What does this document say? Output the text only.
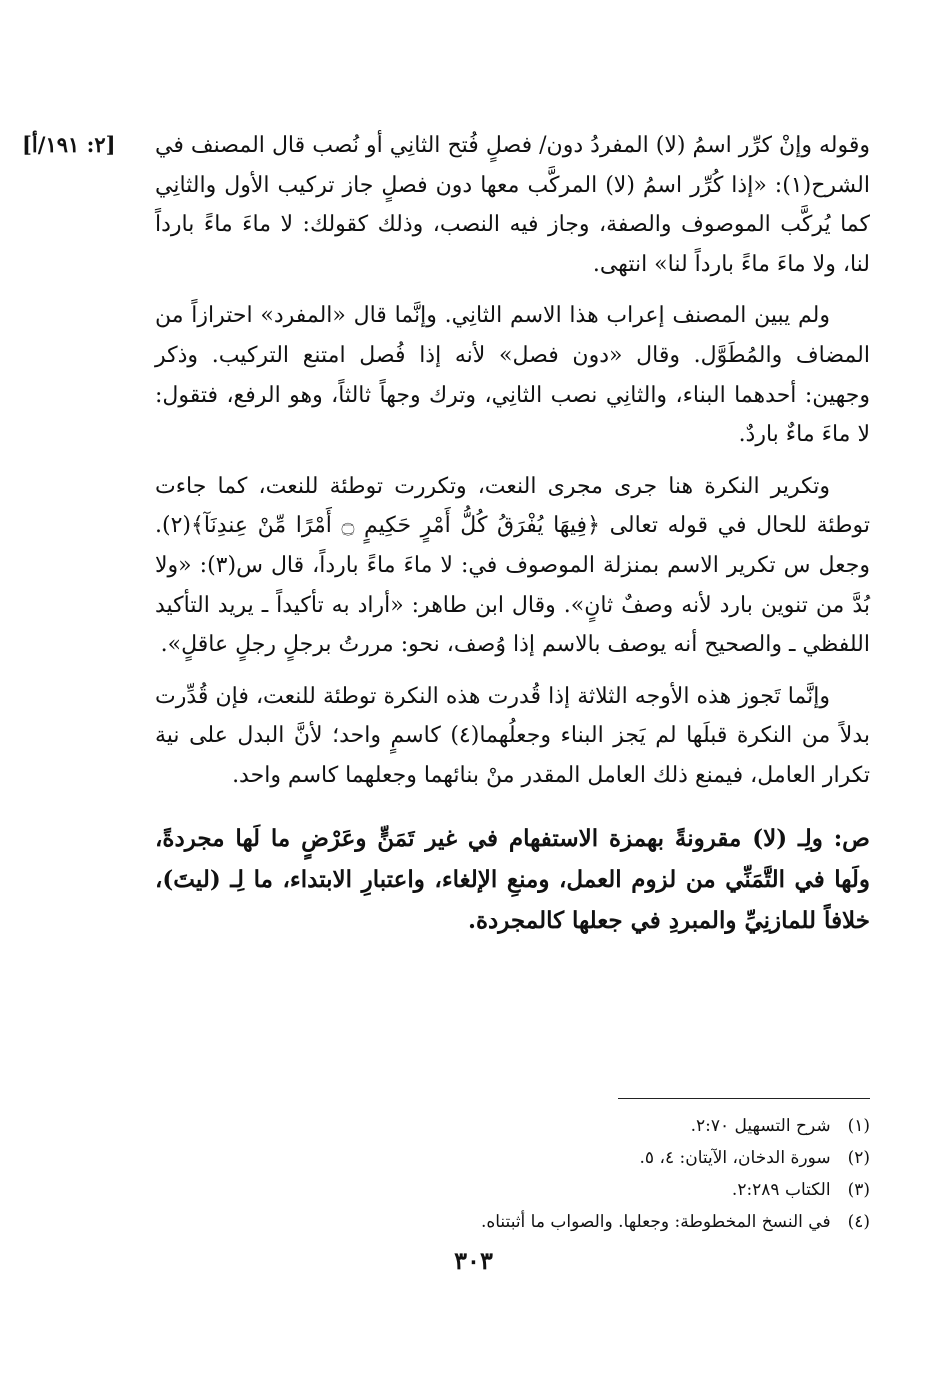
[٢: ١٩١/أ]	وقوله وإنْ كرِّر اسمُ (لا) المفردُ دون/ فصلٍ فُتح الثانِي أو نُصب قال المصنف في الشرح(١): «إذا كُرِّر اسمُ (لا) المركَّب معها دون فصلٍ جاز تركيب الأول والثانِي كما يُركَّب الموصوف والصفة، وجاز فيه النصب، وذلك كقولك: لا ماءَ ماءً بارداً لنا، ولا ماءَ ماءً بارداً لنا» انتهى.

ولم يبين المصنف إعراب هذا الاسم الثانِي. وإنَّما قال «المفرد» احترازاً من المضاف والمُطَوَّل. وقال «دون فصل» لأنه إذا فُصل امتنع التركيب. وذكر وجهين: أحدهما البناء، والثانِي نصب الثانِي، وترك وجهاً ثالثاً، وهو الرفع، فتقول: لا ماءَ ماءٌ باردٌ.

وتكرير النكرة هنا جرى مجرى النعت، وتكررت توطئة للنعت، كما جاءت توطئة للحال في قوله تعالى ﴿فِيهَا يُفْرَقُ كُلُّ أَمْرٍ حَكِيمٍ ۝ أَمْرًا مِّنْ عِندِنَآ﴾(٢). وجعل س تكرير الاسم بمنزلة الموصوف في: لا ماءَ ماءً بارداً، قال س(٣): «ولا بُدَّ من تنوين بارد لأنه وصفٌ ثانٍ». وقال ابن طاهر: «أراد به تأكيداً ـ يريد التأكيد اللفظي ـ والصحيح أنه يوصف بالاسم إذا وُصف، نحو: مررتُ برجلٍ رجلٍ عاقلٍ».

وإنَّما تَجوز هذه الأوجه الثلاثة إذا قُدرت هذه النكرة توطئة للنعت، فإن قُدِّرت بدلاً من النكرة قبلَها لم يَجز البناء وجعلُهما(٤) كاسمٍ واحد؛ لأنَّ البدل على نية تكرار العامل، فيمنع ذلك العامل المقدر منْ بنائهما وجعلهما كاسم واحد.

ص: ولِـ (لا) مقرونةً بهمزة الاستفهام في غير تَمَنٍّ وعَرْضٍ ما لَها مجردةً، ولَها في التَّمَنِّي من لزوم العمل، ومنعِ الإلغاء، واعتبارِ الابتداء، ما لِـ (ليتَ)، خلافاً للمازنِيِّ والمبردِ في جعلها كالمجردة.

(١) شرح التسهيل ٢:٧٠.

(٢) سورة الدخان، الآيتان: ٤، ٥.

(٣) الكتاب ٢:٢٨٩.

(٤) في النسخ المخطوطة: وجعلها. والصواب ما أثبتناه.

٣٠٣
